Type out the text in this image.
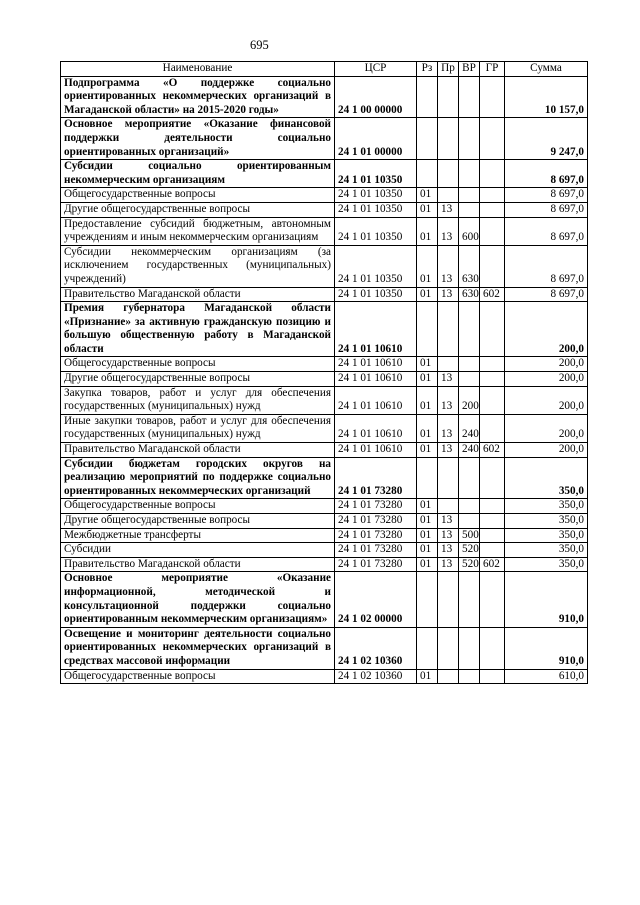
695
Наименование	ЦСР	Рз	Пр	ВР	ГР	Сумма
Подпрограмма «О поддержке социально ориентированных некоммерческих организаций в Магаданской области» на 2015-2020 годы»	24 1 00 00000					10 157,0
Основное мероприятие «Оказание финансовой поддержки деятельности социально ориентированных организаций»	24 1 01 00000					9 247,0
Субсидии социально ориентированным некоммерческим организациям	24 1 01 10350					8 697,0
Общегосударственные вопросы	24 1 01 10350	01				8 697,0
Другие общегосударственные вопросы	24 1 01 10350	01	13			8 697,0
Предоставление субсидий бюджетным, автономным учреждениям и иным некоммерческим организациям	24 1 01 10350	01	13	600		8 697,0
Субсидии некоммерческим организациям (за исключением государственных (муниципальных) учреждений)	24 1 01 10350	01	13	630		8 697,0
Правительство Магаданской области	24 1 01 10350	01	13	630	602	8 697,0
Премия губернатора Магаданской области «Признание» за активную гражданскую позицию и большую общественную работу в Магаданской области	24 1 01 10610					200,0
Общегосударственные вопросы	24 1 01 10610	01				200,0
Другие общегосударственные вопросы	24 1 01 10610	01	13			200,0
Закупка товаров, работ и услуг для обеспечения государственных (муниципальных) нужд	24 1 01 10610	01	13	200		200,0
Иные закупки товаров, работ и услуг для обеспечения государственных (муниципальных) нужд	24 1 01 10610	01	13	240		200,0
Правительство Магаданской области	24 1 01 10610	01	13	240	602	200,0
Субсидии бюджетам городских округов на реализацию мероприятий по поддержке социально ориентированных некоммерческих организаций	24 1 01 73280					350,0
Общегосударственные вопросы	24 1 01 73280	01				350,0
Другие общегосударственные вопросы	24 1 01 73280	01	13			350,0
Межбюджетные трансферты	24 1 01 73280	01	13	500		350,0
Субсидии	24 1 01 73280	01	13	520		350,0
Правительство Магаданской области	24 1 01 73280	01	13	520	602	350,0
Основное мероприятие «Оказание информационной, методической и консультационной поддержки социально ориентированным некоммерческим организациям»	24 1 02 00000					910,0
Освещение и мониторинг деятельности социально ориентированных некоммерческих организаций в средствах массовой информации	24 1 02 10360					910,0
Общегосударственные вопросы	24 1 02 10360	01				610,0
